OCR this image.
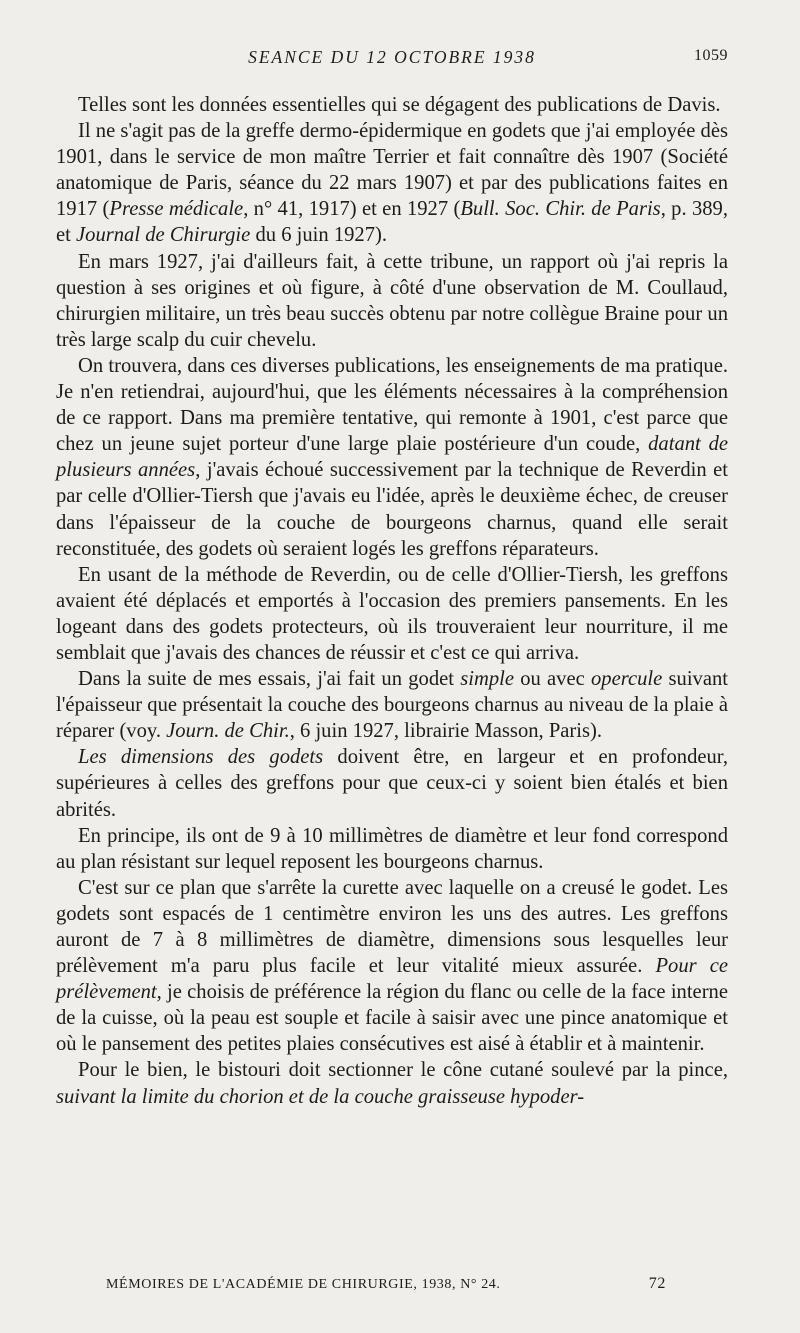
SEANCE DU 12 OCTOBRE 1938	1059

Telles sont les données essentielles qui se dégagent des publications de Davis.

Il ne s'agit pas de la greffe dermo-épidermique en godets que j'ai employée dès 1901, dans le service de mon maître Terrier et fait connaître dès 1907 (Société anatomique de Paris, séance du 22 mars 1907) et par des publications faites en 1917 (Presse médicale, n° 41, 1917) et en 1927 (Bull. Soc. Chir. de Paris, p. 389, et Journal de Chirurgie du 6 juin 1927).

En mars 1927, j'ai d'ailleurs fait, à cette tribune, un rapport où j'ai repris la question à ses origines et où figure, à côté d'une observation de M. Coullaud, chirurgien militaire, un très beau succès obtenu par notre collègue Braine pour un très large scalp du cuir chevelu.

On trouvera, dans ces diverses publications, les enseignements de ma pratique. Je n'en retiendrai, aujourd'hui, que les éléments nécessaires à la compréhension de ce rapport. Dans ma première tentative, qui remonte à 1901, c'est parce que chez un jeune sujet porteur d'une large plaie postérieure d'un coude, datant de plusieurs années, j'avais échoué successivement par la technique de Reverdin et par celle d'Ollier-Tiersh que j'avais eu l'idée, après le deuxième échec, de creuser dans l'épaisseur de la couche de bourgeons charnus, quand elle serait reconstituée, des godets où seraient logés les greffons réparateurs.

En usant de la méthode de Reverdin, ou de celle d'Ollier-Tiersh, les greffons avaient été déplacés et emportés à l'occasion des premiers pansements. En les logeant dans des godets protecteurs, où ils trouveraient leur nourriture, il me semblait que j'avais des chances de réussir et c'est ce qui arriva.

Dans la suite de mes essais, j'ai fait un godet simple ou avec opercule suivant l'épaisseur que présentait la couche des bourgeons charnus au niveau de la plaie à réparer (voy. Journ. de Chir., 6 juin 1927, librairie Masson, Paris).

Les dimensions des godets doivent être, en largeur et en profondeur, supérieures à celles des greffons pour que ceux-ci y soient bien étalés et bien abrités.

En principe, ils ont de 9 à 10 millimètres de diamètre et leur fond correspond au plan résistant sur lequel reposent les bourgeons charnus.

C'est sur ce plan que s'arrête la curette avec laquelle on a creusé le godet. Les godets sont espacés de 1 centimètre environ les uns des autres. Les greffons auront de 7 à 8 millimètres de diamètre, dimensions sous lesquelles leur prélèvement m'a paru plus facile et leur vitalité mieux assurée. Pour ce prélèvement, je choisis de préférence la région du flanc ou celle de la face interne de la cuisse, où la peau est souple et facile à saisir avec une pince anatomique et où le pansement des petites plaies consécutives est aisé à établir et à maintenir.

Pour le bien, le bistouri doit sectionner le cône cutané soulevé par la pince, suivant la limite du chorion et de la couche graisseuse hypoder-

MÉMOIRES DE L'ACADÉMIE DE CHIRURGIE, 1938, N° 24.	72
